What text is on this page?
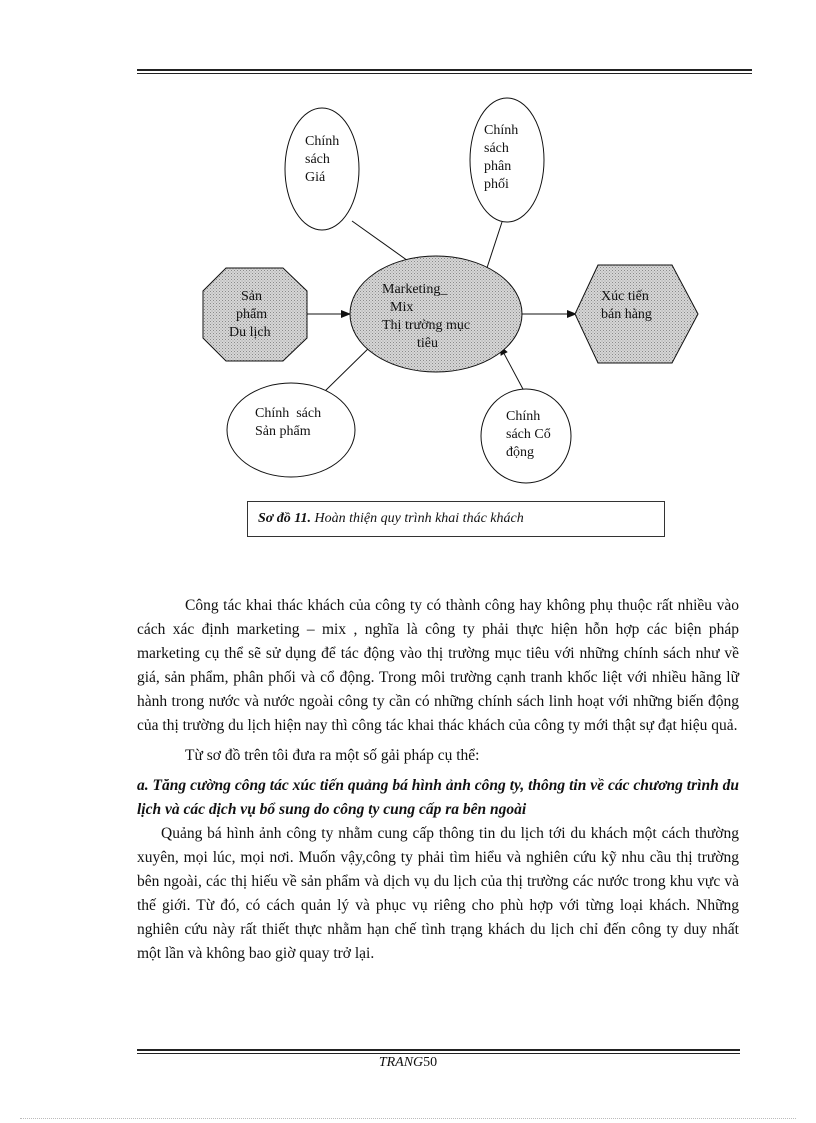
Chính
sách
Giá
Chính
sách
phân
phối
Sản
phẩm
Du lịch
Marketing_
Mix
Thị trường mục
tiêu
Xúc tiến
bán hàng
Chính  sách
Sản phẩm
Chính
sách Cổ
động
Sơ đồ 11. Hoàn thiện quy trình khai thác khách

Công tác khai thác khách của công ty có thành công hay không phụ thuộc rất nhiều vào cách xác định marketing – mix , nghĩa là công ty phải thực hiện hỗn hợp các biện pháp marketing cụ thể sẽ sử dụng để tác động vào thị trường mục tiêu với những chính sách như về giá, sản phẩm, phân phối và cổ động. Trong môi trường cạnh tranh khốc liệt với nhiều hãng lữ hành trong nước và nước ngoài công ty cần có những chính sách linh hoạt với những biến động của thị trường du lịch hiện nay thì công tác khai thác khách của công ty mới thật sự đạt hiệu quả.

Từ sơ đồ trên tôi đưa ra một số gải pháp cụ thể:

a. Tăng cường công tác xúc tiến quảng bá hình ảnh công ty, thông tin về các chương trình du lịch và các dịch vụ bổ sung do công ty cung cấp ra bên ngoài

Quảng bá hình ảnh công ty nhằm cung cấp thông tin du lịch tới du khách một cách thường xuyên, mọi lúc, mọi nơi. Muốn vậy,công ty phải tìm hiểu và nghiên cứu kỹ nhu cầu thị trường bên ngoài, các thị hiếu về sản phẩm và dịch vụ du lịch của thị trường các nước trong khu vực và thế giới. Từ đó, có cách quản lý và phục vụ riêng cho phù hợp với từng loại khách. Những nghiên cứu này rất thiết thực nhằm hạn chế tình trạng khách du lịch chỉ đến công ty duy nhất một lần và không bao giờ quay trở lại.

TRANG50
